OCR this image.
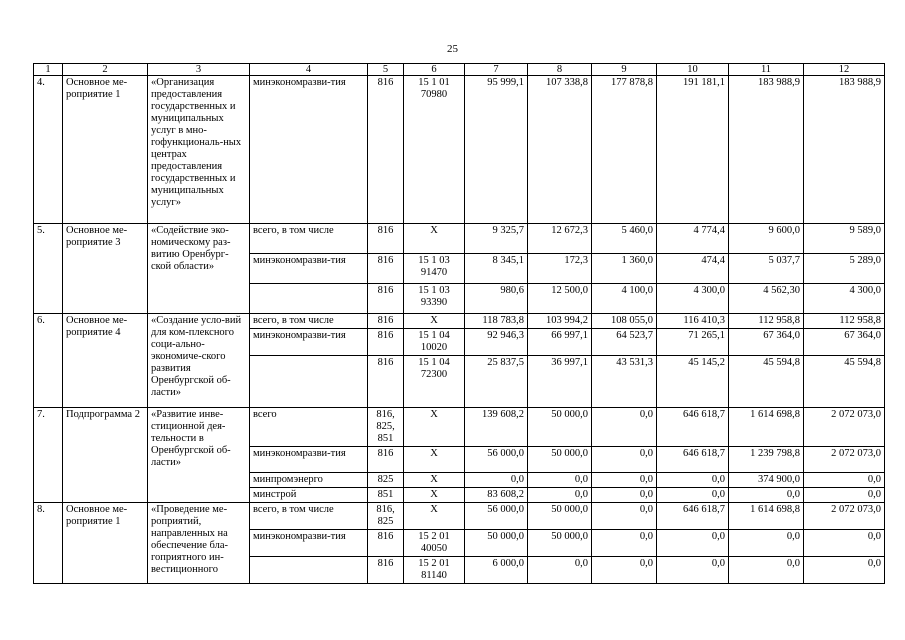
25
1	2	3	4	5	6	7	8	9	10	11	12
4.	Основное ме-роприятие 1	«Организация предоставления государственных и муниципальных услуг в мно-гофункциональ-ных центрах предоставления государственных и муниципальных услуг»	минэкономразви-тия	816	15 1 01 70980	95 999,1	107 338,8	177 878,8	191 181,1	183 988,9	183 988,9
5.	Основное ме-роприятие 3	«Содействие эко-номическому раз-витию Оренбург-ской области»	всего, в том числе	816	X	9 325,7	12 672,3	5 460,0	4 774,4	9 600,0	9 589,0
			минэкономразви-тия	816	15 1 03 91470	8 345,1	172,3	1 360,0	474,4	5 037,7	5 289,0
				816	15 1 03 93390	980,6	12 500,0	4 100,0	4 300,0	4 562,30	4 300,0
6.	Основное ме-роприятие 4	«Создание усло-вий для ком-плексного соци-ально-экономиче-ского развития Оренбургской об-ласти»	всего, в том числе	816	X	118 783,8	103 994,2	108 055,0	116 410,3	112 958,8	112 958,8
			минэкономразви-тия	816	15 1 04 10020	92 946,3	66 997,1	64 523,7	71 265,1	67 364,0	67 364,0
				816	15 1 04 72300	25 837,5	36 997,1	43 531,3	45 145,2	45 594,8	45 594,8
7.	Подпрограмма 2	«Развитие инве-стиционной дея-тельности в Оренбургской об-ласти»	всего	816, 825, 851	X	139 608,2	50 000,0	0,0	646 618,7	1 614 698,8	2 072 073,0
			минэкономразви-тия	816	X	56 000,0	50 000,0	0,0	646 618,7	1 239 798,8	2 072 073,0
			минпромэнерго	825	X	0,0	0,0	0,0	0,0	374 900,0	0,0
			минстрой	851	X	83 608,2	0,0	0,0	0,0	0,0	0,0
8.	Основное ме-роприятие 1	«Проведение ме-роприятий, направленных на обеспечение бла-гоприятного ин-вестиционного	всего, в том числе	816, 825	X	56 000,0	50 000,0	0,0	646 618,7	1 614 698,8	2 072 073,0
			минэкономразви-тия	816	15 2 01 40050	50 000,0	50 000,0	0,0	0,0	0,0	0,0
				816	15 2 01 81140	6 000,0	0,0	0,0	0,0	0,0	0,0
